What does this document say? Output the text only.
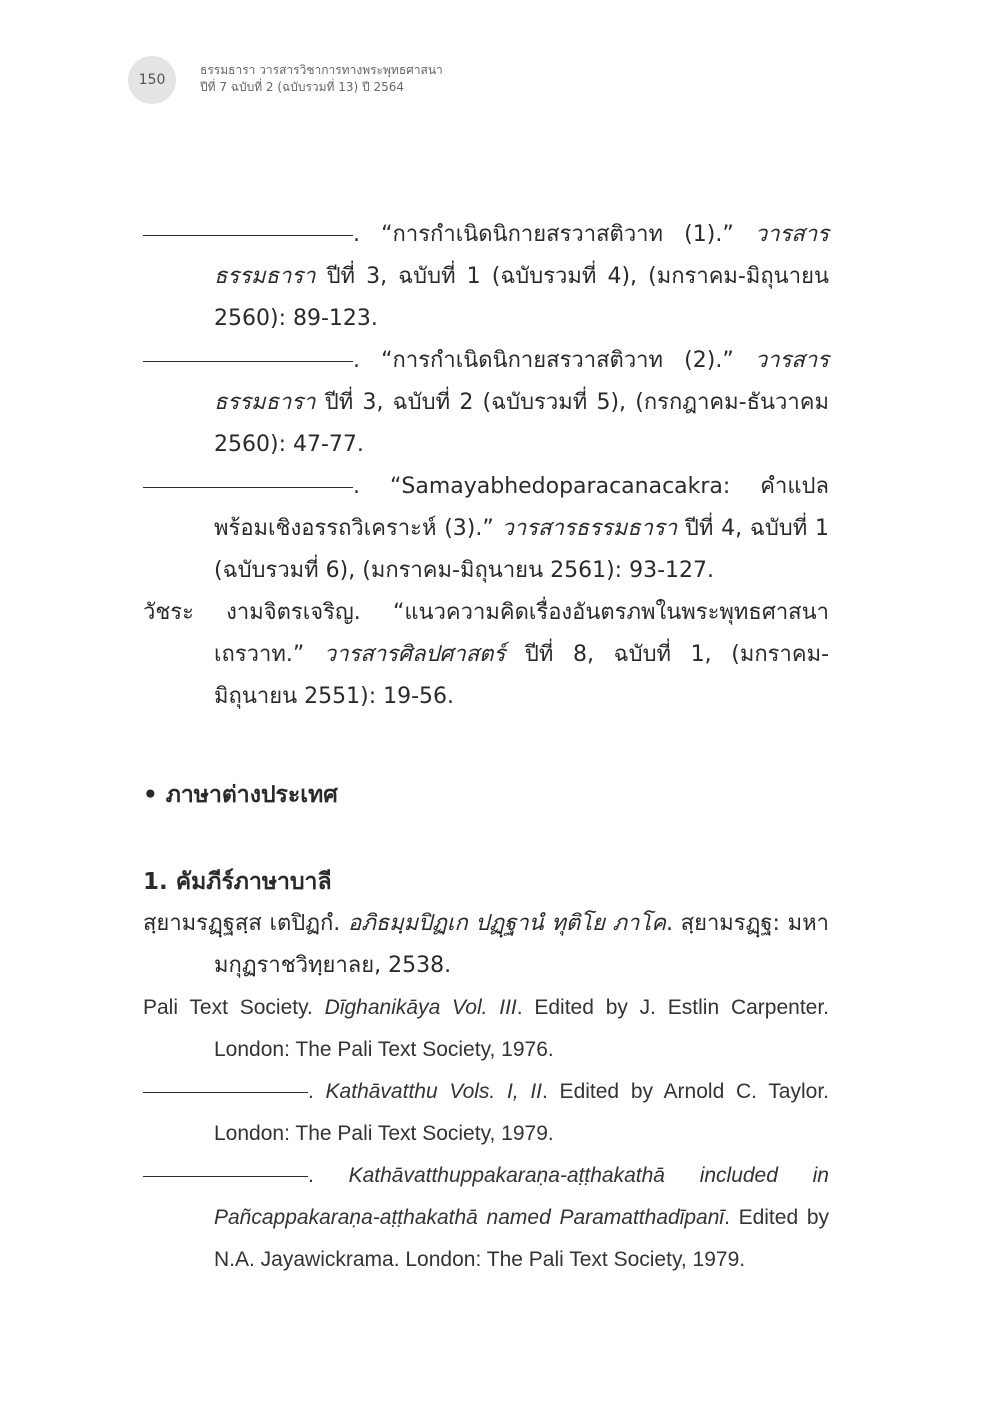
150
ธรรมธารา วารสารวิชาการทางพระพุทธศาสนา
ปีที่ 7 ฉบับที่ 2 (ฉบับรวมที่ 13) ปี 2564

. “การกำเนิดนิกายสรวาสติวาท (1).” วารสารธรรมธารา ปีที่ 3, ฉบับที่ 1 (ฉบับรวมที่ 4), (มกราคม-มิถุนายน 2560): 89-123.

. “การกำเนิดนิกายสรวาสติวาท (2).” วารสารธรรมธารา ปีที่ 3, ฉบับที่ 2 (ฉบับรวมที่ 5), (กรกฎาคม-ธันวาคม 2560): 47-77.

. “Samayabhedoparacanacakra: คำแปลพร้อมเชิงอรรถวิเคราะห์ (3).” วารสารธรรมธารา ปีที่ 4, ฉบับที่ 1 (ฉบับรวมที่ 6), (มกราคม-มิถุนายน 2561): 93-127.

วัชระ งามจิตรเจริญ. “แนวความคิดเรื่องอันตรภพในพระพุทธศาสนาเถรวาท.” วารสารศิลปศาสตร์ ปีที่ 8, ฉบับที่ 1, (มกราคม-มิถุนายน 2551): 19-56.

• ภาษาต่างประเทศ

1. คัมภีร์ภาษาบาลี

สฺยามรฏฺฐสฺส เตปิฏกํ. อภิธมฺมปิฏเก ปฏฺฐานํ ทุติโย ภาโค. สฺยามรฏฺฐ: มหามกุฏราชวิทฺยาลย, 2538.

Pali Text Society. Dīghanikāya Vol. III. Edited by J. Estlin Carpenter. London: The Pali Text Society, 1976.

. Kathāvatthu Vols. I, II. Edited by Arnold C. Taylor. London: The Pali Text Society, 1979.

. Kathāvatthuppakaraṇa-aṭṭhakathā included in Pañcappakaraṇa-aṭṭhakathā named Paramatthadīpanī. Edited by N.A. Jayawickrama. London: The Pali Text Society, 1979.
